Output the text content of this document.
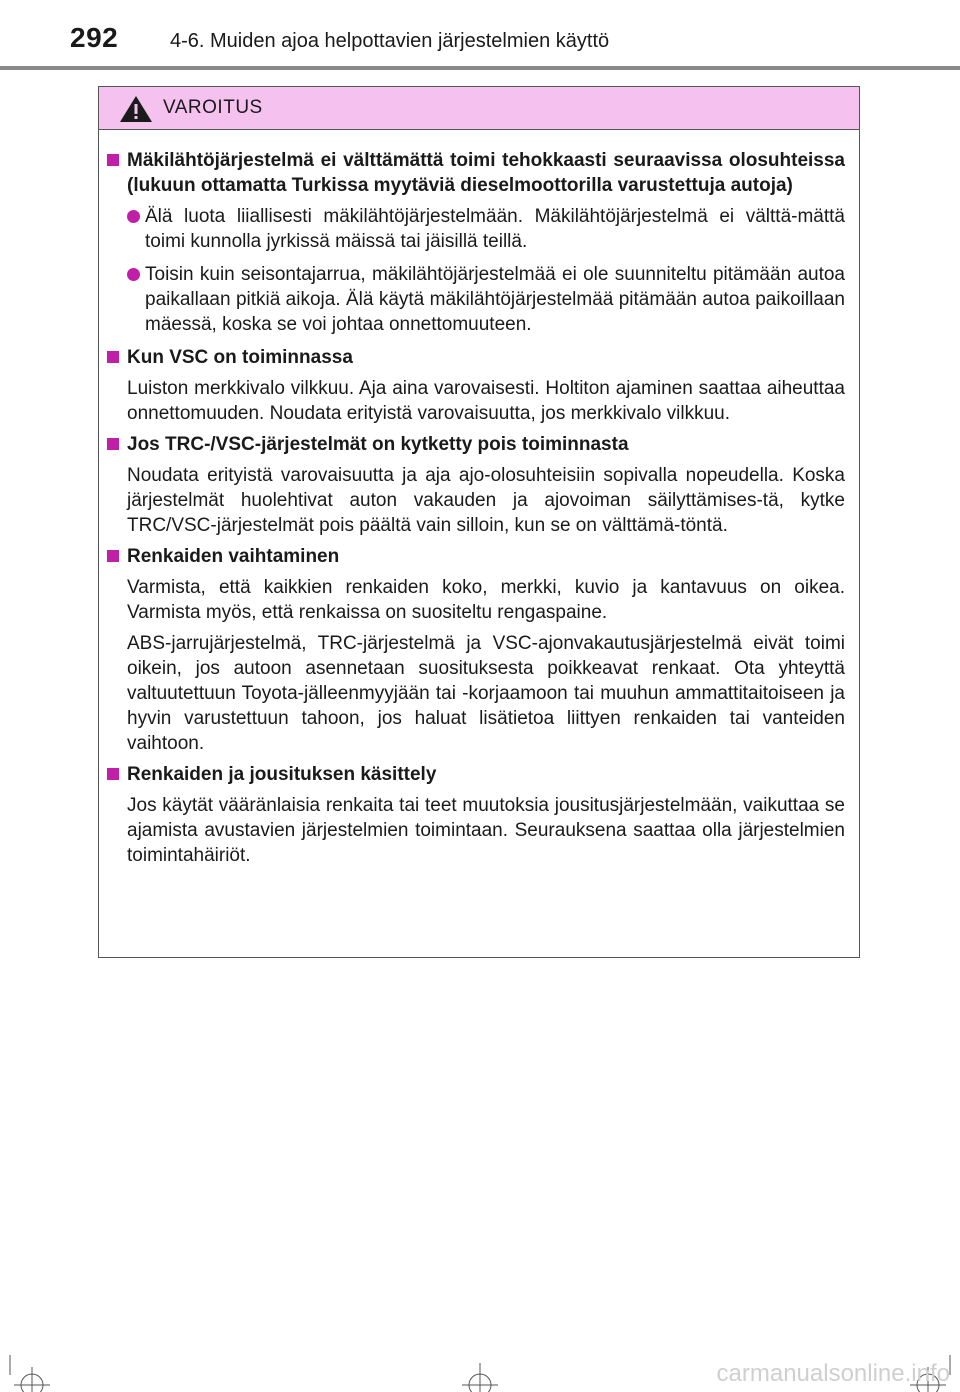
292	4-6. Muiden ajoa helpottavien järjestelmien käyttö
VAROITUS
Mäkilähtöjärjestelmä ei välttämättä toimi tehokkaasti seuraavissa olosuhteissa (lukuun ottamatta Turkissa myytäviä dieselmoottorilla varustettuja autoja)
Älä luota liiallisesti mäkilähtöjärjestelmään. Mäkilähtöjärjestelmä ei välttä-mättä toimi kunnolla jyrkissä mäissä tai jäisillä teillä.
Toisin kuin seisontajarrua, mäkilähtöjärjestelmää ei ole suunniteltu pitämään autoa paikallaan pitkiä aikoja. Älä käytä mäkilähtöjärjestelmää pitämään autoa paikoillaan mäessä, koska se voi johtaa onnettomuuteen.
Kun VSC on toiminnassa
Luiston merkkivalo vilkkuu. Aja aina varovaisesti. Holtiton ajaminen saattaa aiheuttaa onnettomuuden. Noudata erityistä varovaisuutta, jos merkkivalo vilkkuu.
Jos TRC-/VSC-järjestelmät on kytketty pois toiminnasta
Noudata erityistä varovaisuutta ja aja ajo-olosuhteisiin sopivalla nopeudella. Koska järjestelmät huolehtivat auton vakauden ja ajovoiman säilyttämises-tä, kytke TRC/VSC-järjestelmät pois päältä vain silloin, kun se on välttämä-töntä.
Renkaiden vaihtaminen
Varmista, että kaikkien renkaiden koko, merkki, kuvio ja kantavuus on oikea. Varmista myös, että renkaissa on suositeltu rengaspaine.
ABS-jarrujärjestelmä, TRC-järjestelmä ja VSC-ajonvakautusjärjestelmä eivät toimi oikein, jos autoon asennetaan suosituksesta poikkeavat renkaat. Ota yhteyttä valtuutettuun Toyota-jälleenmyyjään tai -korjaamoon tai muuhun ammattitaitoiseen ja hyvin varustettuun tahoon, jos haluat lisätietoa liittyen renkaiden tai vanteiden vaihtoon.
Renkaiden ja jousituksen käsittely
Jos käytät vääränlaisia renkaita tai teet muutoksia jousitusjärjestelmään, vaikuttaa se ajamista avustavien järjestelmien toimintaan. Seurauksena saattaa olla järjestelmien toimintahäiriöt.
carmanualsonline.info
